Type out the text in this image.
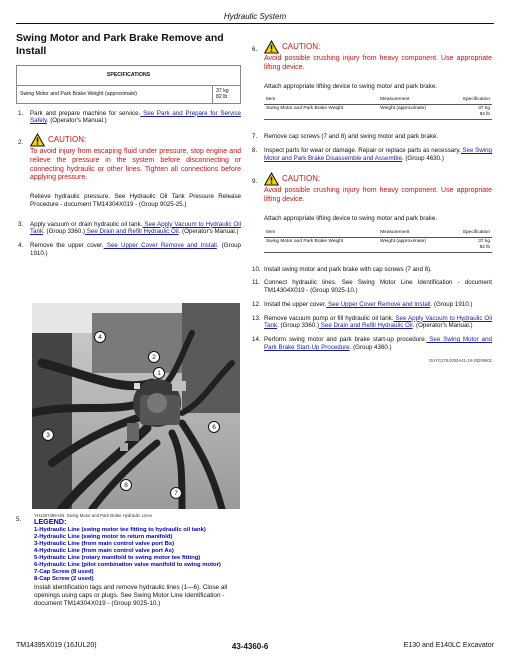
Hydraulic System
Swing Motor and Park Brake Remove and Install
SPECIFICATIONS
Swing Motor and Park Brake Weight (approximate)	37 kg
82 lb
1.	Park and prepare machine for service. See Park and Prepare for Service Safely. (Operator's Manual.)
2.	CAUTION:
To avoid injury from escaping fluid under pressure, stop engine and relieve the pressure in the system before disconnecting or connecting hydraulic or other lines. Tighten all connections before applying pressure.
Relieve hydraulic pressure. See Hydraulic Oil Tank Pressure Release Procedure - document TM14304X019 - (Group 9025-25.)
3.	Apply vacuum or drain hydraulic oil tank. See Apply Vacuum to Hydraulic Oil Tank. (Group 3360.) See Drain and Refill Hydraulic Oil. (Operator's Manual.)
4.	Remove the upper cover. See Upper Cover Remove and Install. (Group 1910.)
4
2
1
3
6
8
7
5.
YH1297495-UN: Swing Motor and Park Brake Hydraulic Lines
LEGEND:
1-Hydraulic Line (swing motor tee fitting to hydraulic oil tank)
2-Hydraulic Line (swing motor to return manifold)
3-Hydraulic Line (from main control valve port Bs)
4-Hydraulic Line (from main control valve port As)
5-Hydraulic Line (rotary manifold to swing motor tee fitting)
6-Hydraulic Line (pilot combination valve manifold to swing motor)
7-Cap Screw (8 used)
8-Cap Screw (2 used)
Install identification tags and remove hydraulic lines (1—6). Close all openings using caps or plugs. See Swing Motor Line Identification - document TM14304X019 - (Group 9025-10.)
6.	CAUTION:
Avoid possible crushing injury from heavy component. Use appropriate lifting device.
Attach appropriate lifting device to swing motor and park brake.
Item	Measurement	Specification
Swing Motor and Park Brake Weight	Weight (approximate)	37 kg
82 lb
7.	Remove cap screws (7 and 8) and swing motor and park brake.
8.	Inspect parts for wear or damage. Repair or replace parts as necessary. See Swing Motor and Park Brake Disassemble and Assemble. (Group 4630.)
9.	CAUTION:
Avoid possible crushing injury from heavy component. Use appropriate lifting device.
Attach appropriate lifting device to swing motor and park brake.
Item	Measurement	Specification
Swing Motor and Park Brake Weight	Weight (approximate)	37 kg
82 lb
10. Install swing motor and park brake with cap screws (7 and 8).
11. Connect hydraulic lines. See Swing Motor Line Identification - document TM14304X019 - (Group 9025-10.)
12. Install the upper cover. See Upper Cover Remove and Install. (Group 1910.)
13. Remove vacuum pump or fill hydraulic oil tank. See Apply Vacuum to Hydraulic Oil Tank. (Group 3360.) See Drain and Refill Hydraulic Oil. (Operator's Manual.)
14. Perform swing motor and park brake start-up procedure. See Swing Motor and Park Brake Start-Up Procedure. (Group 4360.)
OUYC278,0000A41-19-28209601
TM14395X019 (16JUL20)	43-4360-6	E130 and E140LC Excavator
